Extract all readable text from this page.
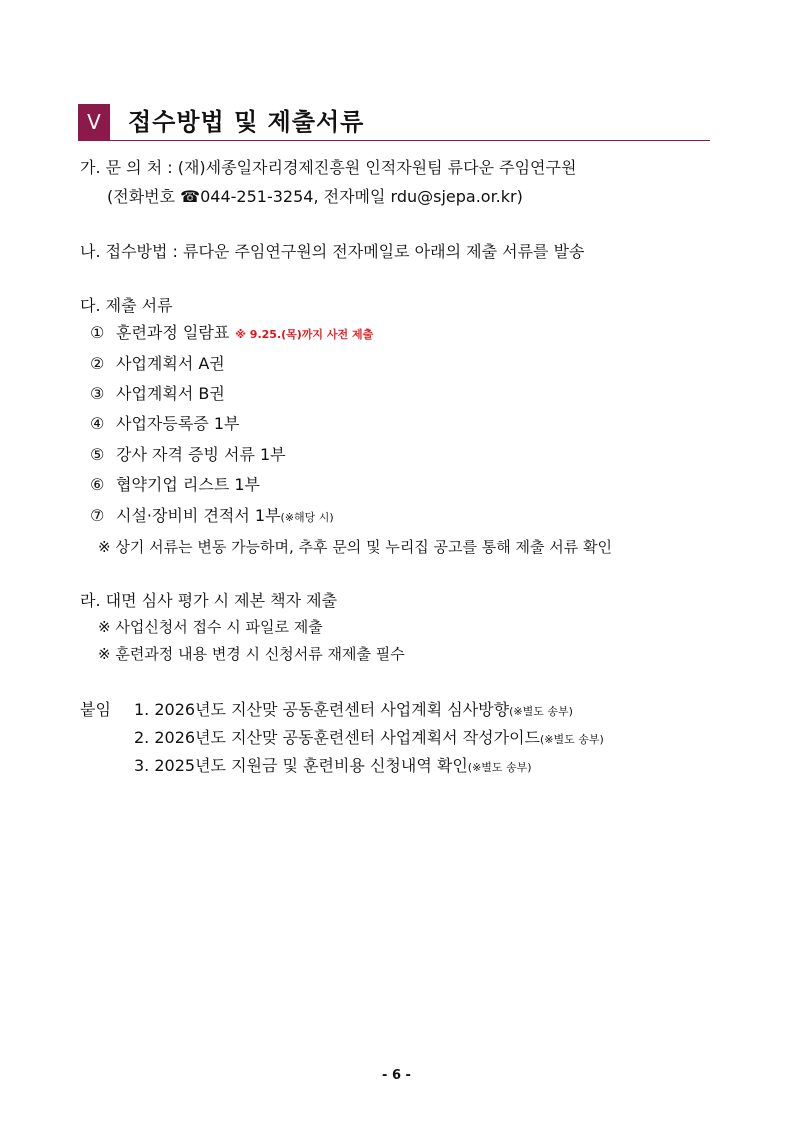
V	접수방법 및 제출서류
가. 문 의 처 : (재)세종일자리경제진흥원 인적자원팀 류다운 주임연구원
(전화번호 ☎044-251-3254, 전자메일 rdu@sjepa.or.kr)
나. 접수방법 : 류다운 주임연구원의 전자메일로 아래의 제출 서류를 발송
다. 제출 서류
① 훈련과정 일람표 ※ 9.25.(목)까지 사전 제출
② 사업계획서 A권
③ 사업계획서 B권
④ 사업자등록증 1부
⑤ 강사 자격 증빙 서류 1부
⑥ 협약기업 리스트 1부
⑦ 시설·장비비 견적서 1부(※해당 시)
※ 상기 서류는 변동 가능하며, 추후 문의 및 누리집 공고를 통해 제출 서류 확인
라. 대면 심사 평가 시 제본 책자 제출
※ 사업신청서 접수 시 파일로 제출
※ 훈련과정 내용 변경 시 신청서류 재제출 필수
붙임 1. 2026년도 지산맞 공동훈련센터 사업계획 심사방향(※별도 송부)
2. 2026년도 지산맞 공동훈련센터 사업계획서 작성가이드(※별도 송부)
3. 2025년도 지원금 및 훈련비용 신청내역 확인(※별도 송부)
- 6 -
